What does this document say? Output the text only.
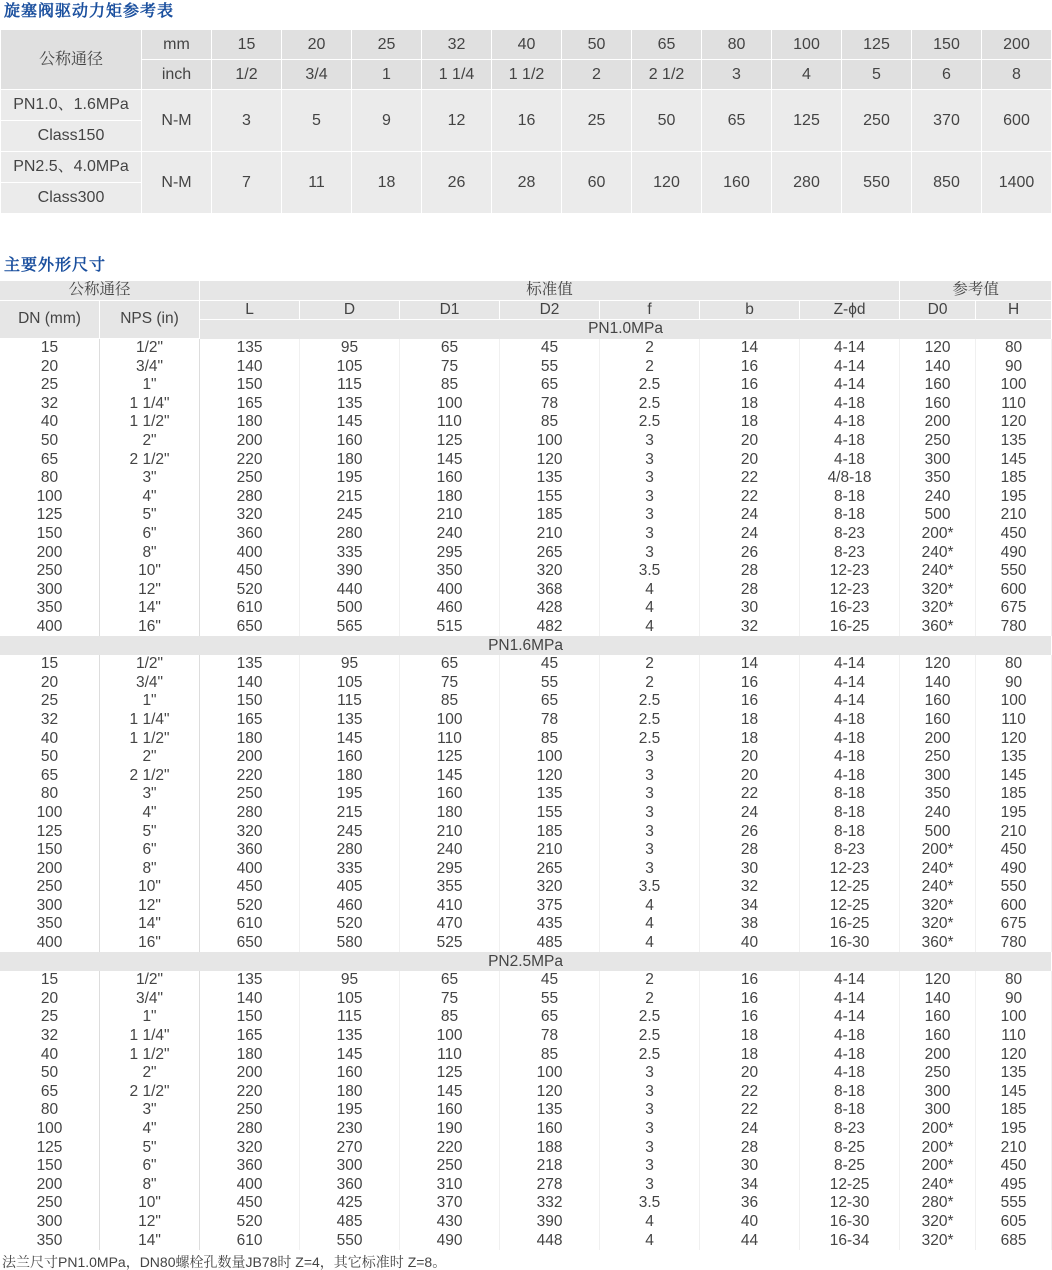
旋塞阀驱动力矩参考表
公称通径	mm	15	20	25	32	40	50	65	80	100	125	150	200
	inch	1/2	3/4	1	1 1/4	1 1/2	2	2 1/2	3	4	5	6	8
PN1.0、1.6MPa	N-M	3	5	9	12	16	25	50	65	125	250	370	600
Class150													
PN2.5、4.0MPa	N-M	7	11	18	26	28	60	120	160	280	550	850	1400
Class300													
主要外形尺寸
公称通径		标准值							参考值	
DN (mm)	NPS (in)	L	D	D1	D2	f	b	Z-ϕd	D0	H
		PN1.0MPa								
15	1/2"	135	95	65	45	2	14	4-14	120	80
20	3/4"	140	105	75	55	2	16	4-14	140	90
25	1"	150	115	85	65	2.5	16	4-14	160	100
32	1 1/4"	165	135	100	78	2.5	18	4-18	160	110
40	1 1/2"	180	145	110	85	2.5	18	4-18	200	120
50	2"	200	160	125	100	3	20	4-18	250	135
65	2 1/2"	220	180	145	120	3	20	4-18	300	145
80	3"	250	195	160	135	3	22	4/8-18	350	185
100	4"	280	215	180	155	3	22	8-18	240	195
125	5"	320	245	210	185	3	24	8-18	500	210
150	6"	360	280	240	210	3	24	8-23	200*	450
200	8"	400	335	295	265	3	26	8-23	240*	490
250	10"	450	390	350	320	3.5	28	12-23	240*	550
300	12"	520	440	400	368	4	28	12-23	320*	600
350	14"	610	500	460	428	4	30	16-23	320*	675
400	16"	650	565	515	482	4	32	16-25	360*	780
PN1.6MPa										
15	1/2"	135	95	65	45	2	14	4-14	120	80
20	3/4"	140	105	75	55	2	16	4-14	140	90
25	1"	150	115	85	65	2.5	16	4-14	160	100
32	1 1/4"	165	135	100	78	2.5	18	4-18	160	110
40	1 1/2"	180	145	110	85	2.5	18	4-18	200	120
50	2"	200	160	125	100	3	20	4-18	250	135
65	2 1/2"	220	180	145	120	3	20	4-18	300	145
80	3"	250	195	160	135	3	22	8-18	350	185
100	4"	280	215	180	155	3	24	8-18	240	195
125	5"	320	245	210	185	3	26	8-18	500	210
150	6"	360	280	240	210	3	28	8-23	200*	450
200	8"	400	335	295	265	3	30	12-23	240*	490
250	10"	450	405	355	320	3.5	32	12-25	240*	550
300	12"	520	460	410	375	4	34	12-25	320*	600
350	14"	610	520	470	435	4	38	16-25	320*	675
400	16"	650	580	525	485	4	40	16-30	360*	780
PN2.5MPa										
15	1/2"	135	95	65	45	2	16	4-14	120	80
20	3/4"	140	105	75	55	2	16	4-14	140	90
25	1"	150	115	85	65	2.5	16	4-14	160	100
32	1 1/4"	165	135	100	78	2.5	18	4-18	160	110
40	1 1/2"	180	145	110	85	2.5	18	4-18	200	120
50	2"	200	160	125	100	3	20	4-18	250	135
65	2 1/2"	220	180	145	120	3	22	8-18	300	145
80	3"	250	195	160	135	3	22	8-18	300	185
100	4"	280	230	190	160	3	24	8-23	200*	195
125	5"	320	270	220	188	3	28	8-25	200*	210
150	6"	360	300	250	218	3	30	8-25	200*	450
200	8"	400	360	310	278	3	34	12-25	240*	495
250	10"	450	425	370	332	3.5	36	12-30	280*	555
300	12"	520	485	430	390	4	40	16-30	320*	605
350	14"	610	550	490	448	4	44	16-34	320*	685
法兰尺寸PN1.0MPa，DN80螺栓孔数量JB78时 Z=4，其它标准时 Z=8。
